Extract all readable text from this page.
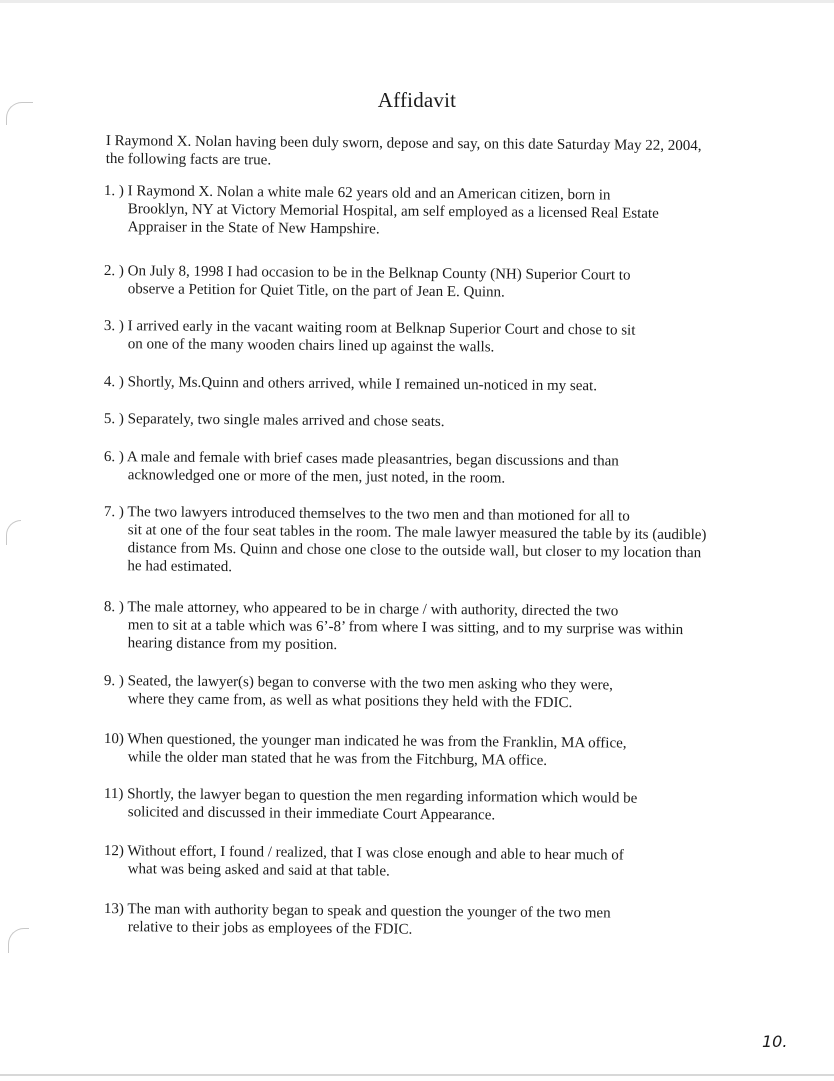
Affidavit
I Raymond X. Nolan having been duly sworn, depose and say, on this date Saturday May 22, 2004, the following facts are true.
1. ) I Raymond X. Nolan a white male 62 years old and an American citizen, born in
Brooklyn, NY at Victory Memorial Hospital, am self employed as a licensed Real Estate Appraiser in the State of New Hampshire.
2. ) On July 8, 1998 I had occasion to be in the Belknap County (NH) Superior Court to
observe a Petition for Quiet Title, on the part of Jean E. Quinn.
3. ) I arrived early in the vacant waiting room at Belknap Superior Court and chose to sit
on one of the many wooden chairs lined up against the walls.
4. ) Shortly, Ms.Quinn and others arrived, while I remained un-noticed in my seat.
5. ) Separately, two single males arrived and chose seats.
6. ) A male and female with brief cases made pleasantries, began discussions and than
acknowledged one or more of the men, just noted, in the room.
7. ) The two lawyers introduced themselves to the two men and than motioned for all to
sit at one of the four seat tables in the room. The male lawyer measured the table by its (audible) distance from Ms. Quinn and chose one close to the outside wall, but closer to my location than he had estimated.
8. ) The male attorney, who appeared to be in charge / with authority, directed the two
men to sit at a table which was 6’-8’ from where I was sitting, and to my surprise was within hearing distance from my position.
9. ) Seated, the lawyer(s) began to converse with the two men asking who they were,
where they came from, as well as what positions they held with the FDIC.
10) When questioned, the younger man indicated he was from the Franklin, MA office,
while the older man stated that he was from the Fitchburg, MA office.
11) Shortly, the lawyer began to question the men regarding information which would be
solicited and discussed in their immediate Court Appearance.
12) Without effort, I found / realized, that I was close enough and able to hear much of
what was being asked and said at that table.
13) The man with authority began to speak and question the younger of the two men
relative to their jobs as employees of the FDIC.
10.
